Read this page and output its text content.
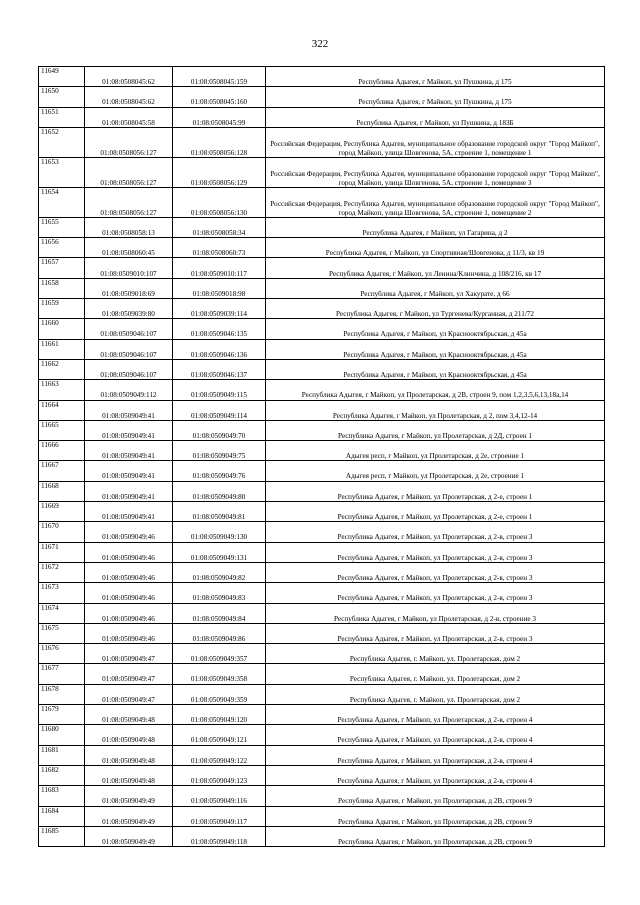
322
11649	01:08:0508045:62	01:08:0508045:159	Республика Адыгея, г Майкоп, ул Пушкина, д 175
11650	01:08:0508045:62	01:08:0508045:160	Республика Адыгея, г Майкоп, ул Пушкина, д 175
11651	01:08:0508045:58	01:08:0508045:99	Республика Адыгея, г Майкоп, ул Пушкина, д 183Б
11652	01:08:0508056:127	01:08:0508056:128	Российская Федерация, Республика Адыгея, муниципальное образование городской округ "Город Майкоп", город Майкоп, улица Шовгенова, 5А, строение 1, помещение 1
11653	01:08:0508056:127	01:08:0508056:129	Российская Федерация, Республика Адыгея, муниципальное образование городской округ "Город Майкоп", город Майкоп, улица Шовгенова, 5А, строение 1, помещение 3
11654	01:08:0508056:127	01:08:0508056:130	Российская Федерация, Республика Адыгея, муниципальное образование городской округ "Город Майкоп", город Майкоп, улица Шовгенова, 5А, строение 1, помещение 2
11655	01:08:0508058:13	01:08:0508058:34	Республика Адыгея, г Майкоп, ул Гагарина, д 2
11656	01:08:0508060:45	01:08:0508060:73	Республика Адыгея, г Майкоп, ул Спортивная/Шовгенова, д 11/3, кв 19
11657	01:08:0509010:107	01:08:0509010:117	Республика Адыгея, г Майкоп, ул Ленина/Клинчина, д 108/216, кв 17
11658	01:08:0509018:69	01:08:0509018:98	Республика Адыгея, г Майкоп, ул Хакурате, д 66
11659	01:08:0509039:80	01:08:0509039:114	Республика Адыгея, г Майкоп, ул Тургенева/Курганная, д 211/72
11660	01:08:0509046:107	01:08:0509046:135	Республика Адыгея, г Майкоп, ул Краснооктябрьская, д 45а
11661	01:08:0509046:107	01:08:0509046:136	Республика Адыгея, г Майкоп, ул Краснооктябрьская, д 45а
11662	01:08:0509046:107	01:08:0509046:137	Республика Адыгея, г Майкоп, ул Краснооктябрьская, д 45а
11663	01:08:0509049:112	01:08:0509049:115	Республика Адыгея, г Майкоп, ул Пролетарская, д 2В, строен 9, пом 1,2,3,5,6,13,18а,14
11664	01:08:0509049:41	01:08:0509049:114	Республика Адыгея, г Майкоп, ул Пролетарская, д 2, пом 3,4,12-14
11665	01:08:0509049:41	01:08:0509049:70	Республика Адыгея, г Майкоп, ул Пролетарская, д 2Д, строен 1
11666	01:08:0509049:41	01:08:0509049:75	Адыгея респ, г Майкоп, ул Пролетарская, д 2е, строение 1
11667	01:08:0509049:41	01:08:0509049:76	Адыгея респ, г Майкоп, ул Пролетарская, д 2е, строение 1
11668	01:08:0509049:41	01:08:0509049:80	Республика Адыгея, г Майкоп, ул Пролетарская, д 2-е, строен 1
11669	01:08:0509049:41	01:08:0509049:81	Республика Адыгея, г Майкоп, ул Пролетарская, д 2-е, строен 1
11670	01:08:0509049:46	01:08:0509049:130	Республика Адыгея, г Майкоп, ул Пролетарская, д 2-в, строен 3
11671	01:08:0509049:46	01:08:0509049:131	Республика Адыгея, г Майкоп, ул Пролетарская, д 2-в, строен 3
11672	01:08:0509049:46	01:08:0509049:82	Республика Адыгея, г Майкоп, ул Пролетарская, д 2-в, строен 3
11673	01:08:0509049:46	01:08:0509049:83	Республика Адыгея, г Майкоп, ул Пролетарская, д 2-в, строен 3
11674	01:08:0509049:46	01:08:0509049:84	Республика Адыгея, г Майкоп, ул Пролетарская, д 2-в, строение 3
11675	01:08:0509049:46	01:08:0509049:86	Республика Адыгея, г Майкоп, ул Пролетарская, д 2-в, строен 3
11676	01:08:0509049:47	01:08:0509049:357	Республика Адыгея, г. Майкоп, ул. Пролетарская, дом 2
11677	01:08:0509049:47	01:08:0509049:358	Республика Адыгея, г. Майкоп, ул. Пролетарская, дом 2
11678	01:08:0509049:47	01:08:0509049:359	Республика Адыгея, г. Майкоп, ул. Пролетарская, дом 2
11679	01:08:0509049:48	01:08:0509049:120	Республика Адыгея, г Майкоп, ул Пролетарская, д 2-в, строен 4
11680	01:08:0509049:48	01:08:0509049:121	Республика Адыгея, г Майкоп, ул Пролетарская, д 2-в, строен 4
11681	01:08:0509049:48	01:08:0509049:122	Республика Адыгея, г Майкоп, ул Пролетарская, д 2-в, строен 4
11682	01:08:0509049:48	01:08:0509049:123	Республика Адыгея, г Майкоп, ул Пролетарская, д 2-в, строен 4
11683	01:08:0509049:49	01:08:0509049:116	Республика Адыгея, г Майкоп, ул Пролетарская, д 2В, строен 9
11684	01:08:0509049:49	01:08:0509049:117	Республика Адыгея, г Майкоп, ул Пролетарская, д 2В, строен 9
11685	01:08:0509049:49	01:08:0509049:118	Республика Адыгея, г Майкоп, ул Пролетарская, д 2В, строен 9
